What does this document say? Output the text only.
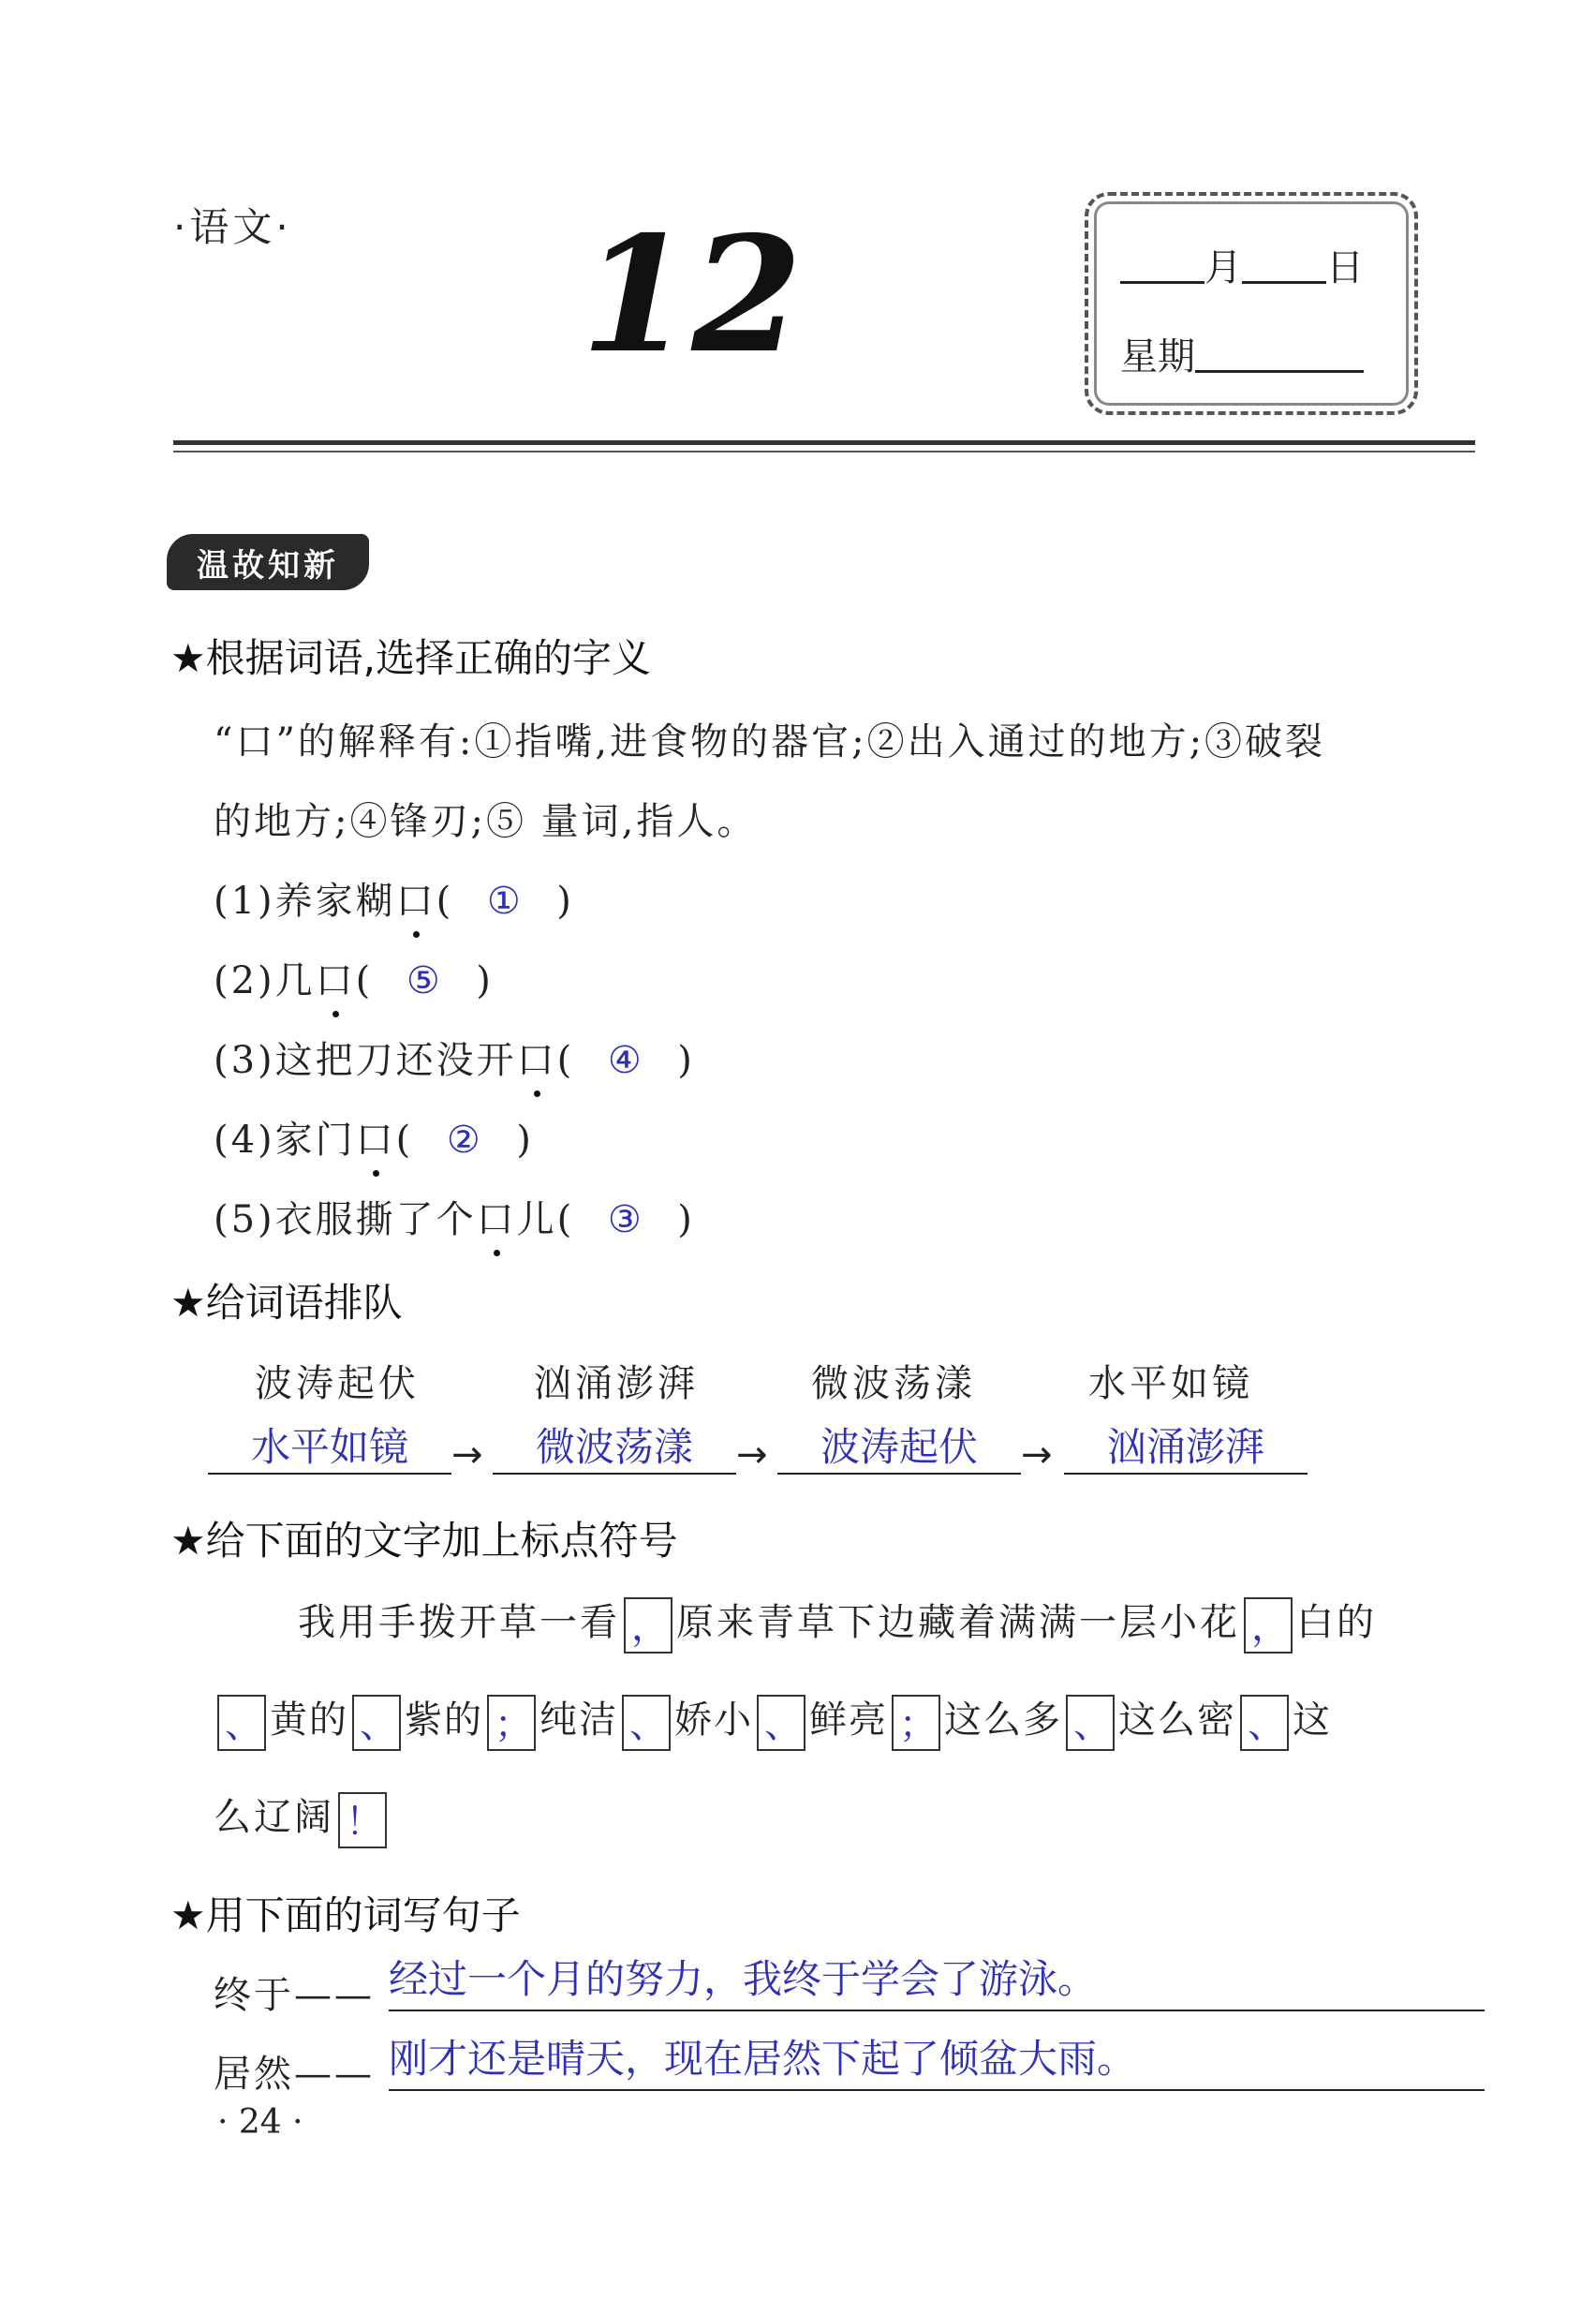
·语文· 12	月 日
星期
温故知新
★根据词语,选择正确的字义
“口”的解释有:①指嘴,进食物的器官;②出入通过的地方;③破裂
的地方;④锋刃;⑤ 量词,指人。
(1)养家糊口( ① )
(2)几口( ⑤ )
(3)这把刀还没开口( ④ )
(4)家门口( ② )
(5)衣服撕了个口儿( ③ )
★给词语排队
波涛起伏	汹涌澎湃	微波荡漾	水平如镜
水平如镜	微波荡漾	波涛起伏	汹涌澎湃
→	→	→
★给下面的文字加上标点符号
我用手拨开草一看 ， 原来青草下边藏着满满一层小花 ， 白的
、 黄的 、 紫的 ； 纯洁 、 娇小 、 鲜亮 ； 这么多 、 这么密 、 这
么辽阔 ！
★用下面的词写句子
终于—— 经过一个月的努力，我终于学会了游泳。
居然—— 刚才还是晴天，现在居然下起了倾盆大雨。
· 24 ·
